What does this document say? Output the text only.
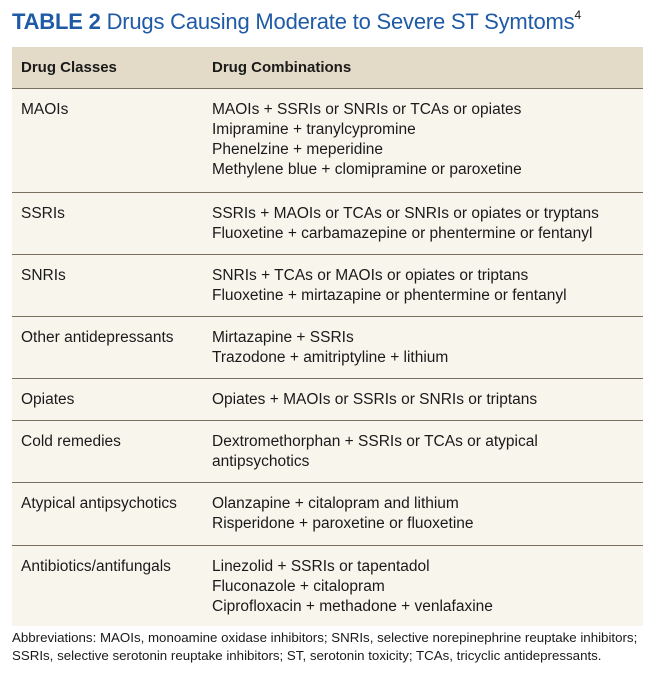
TABLE 2 Drugs Causing Moderate to Severe ST Symtoms$^4$
Drug Classes	Drug Combinations
MAOIs	MAOIs + SSRIs or SNRIs or TCAs or opiates
Imipramine + tranylcypromine
Phenelzine + meperidine
Methylene blue + clomipramine or paroxetine
SSRIs	SSRIs + MAOIs or TCAs or SNRIs or opiates or tryptans
Fluoxetine + carbamazepine or phentermine or fentanyl
SNRIs	SNRIs + TCAs or MAOIs or opiates or triptans
Fluoxetine + mirtazapine or phentermine or fentanyl
Other antidepressants	Mirtazapine + SSRIs
Trazodone + amitriptyline + lithium
Opiates	Opiates + MAOIs or SSRIs or SNRIs or triptans
Cold remedies	Dextromethorphan + SSRIs or TCAs or atypical
antipsychotics
Atypical antipsychotics	Olanzapine + citalopram and lithium
Risperidone + paroxetine or fluoxetine
Antibiotics/antifungals	Linezolid + SSRIs or tapentadol
Fluconazole + citalopram
Ciprofloxacin + methadone + venlafaxine
Abbreviations: MAOIs, monoamine oxidase inhibitors; SNRIs, selective norepinephrine reuptake inhibitors; SSRIs, selective serotonin reuptake inhibitors; ST, serotonin toxicity; TCAs, tricyclic antidepressants.
